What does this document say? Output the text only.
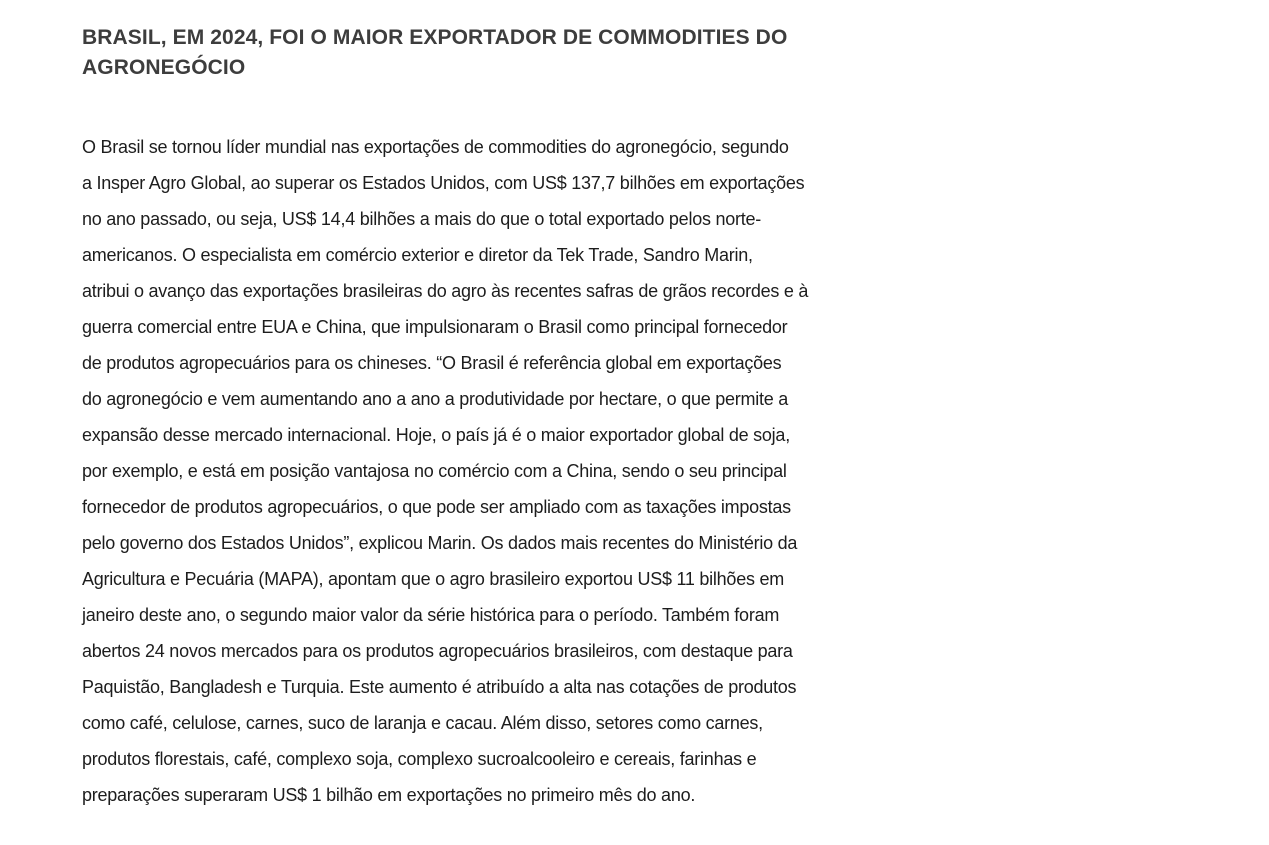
BRASIL, EM 2024, FOI O MAIOR EXPORTADOR DE COMMODITIES DO
AGRONEGÓCIO
O Brasil se tornou líder mundial nas exportações de commodities do agronegócio, segundo
a Insper Agro Global, ao superar os Estados Unidos, com US$ 137,7 bilhões em exportações
no ano passado, ou seja, US$ 14,4 bilhões a mais do que o total exportado pelos norte-
americanos. O especialista em comércio exterior e diretor da Tek Trade, Sandro Marin,
atribui o avanço das exportações brasileiras do agro às recentes safras de grãos recordes e à
guerra comercial entre EUA e China, que impulsionaram o Brasil como principal fornecedor
de produtos agropecuários para os chineses. “O Brasil é referência global em exportações
do agronegócio e vem aumentando ano a ano a produtividade por hectare, o que permite a
expansão desse mercado internacional. Hoje, o país já é o maior exportador global de soja,
por exemplo, e está em posição vantajosa no comércio com a China, sendo o seu principal
fornecedor de produtos agropecuários, o que pode ser ampliado com as taxações impostas
pelo governo dos Estados Unidos”, explicou Marin. Os dados mais recentes do Ministério da
Agricultura e Pecuária (MAPA), apontam que o agro brasileiro exportou US$ 11 bilhões em
janeiro deste ano, o segundo maior valor da série histórica para o período. Também foram
abertos 24 novos mercados para os produtos agropecuários brasileiros, com destaque para
Paquistão, Bangladesh e Turquia. Este aumento é atribuído a alta nas cotações de produtos
como café, celulose, carnes, suco de laranja e cacau. Além disso, setores como carnes,
produtos florestais, café, complexo soja, complexo sucroalcooleiro e cereais, farinhas e
preparações superaram US$ 1 bilhão em exportações no primeiro mês do ano.
